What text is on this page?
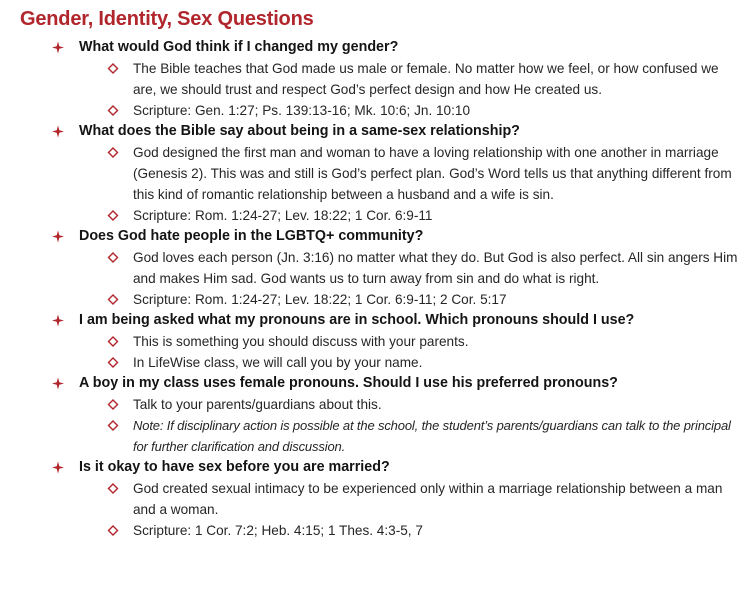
Gender, Identity, Sex Questions
What would God think if I changed my gender?
The Bible teaches that God made us male or female. No matter how we feel, or how confused we are, we should trust and respect God’s perfect design and how He created us.
Scripture: Gen. 1:27; Ps. 139:13-16; Mk. 10:6; Jn. 10:10
What does the Bible say about being in a same-sex relationship?
God designed the first man and woman to have a loving relationship with one another in marriage (Genesis 2). This was and still is God’s perfect plan. God’s Word tells us that anything different from this kind of romantic relationship between a husband and a wife is sin.
Scripture: Rom. 1:24-27; Lev. 18:22; 1 Cor. 6:9-11
Does God hate people in the LGBTQ+ community?
God loves each person (Jn. 3:16) no matter what they do. But God is also perfect. All sin angers Him and makes Him sad. God wants us to turn away from sin and do what is right.
Scripture: Rom. 1:24-27; Lev. 18:22; 1 Cor. 6:9-11; 2 Cor. 5:17
I am being asked what my pronouns are in school. Which pronouns should I use?
This is something you should discuss with your parents.
In LifeWise class, we will call you by your name.
A boy in my class uses female pronouns. Should I use his preferred pronouns?
Talk to your parents/guardians about this.
Note: If disciplinary action is possible at the school, the student’s parents/guardians can talk to the principal for further clarification and discussion.
Is it okay to have sex before you are married?
God created sexual intimacy to be experienced only within a marriage relationship between a man and a woman.
Scripture: 1 Cor. 7:2; Heb. 4:15; 1 Thes. 4:3-5, 7
